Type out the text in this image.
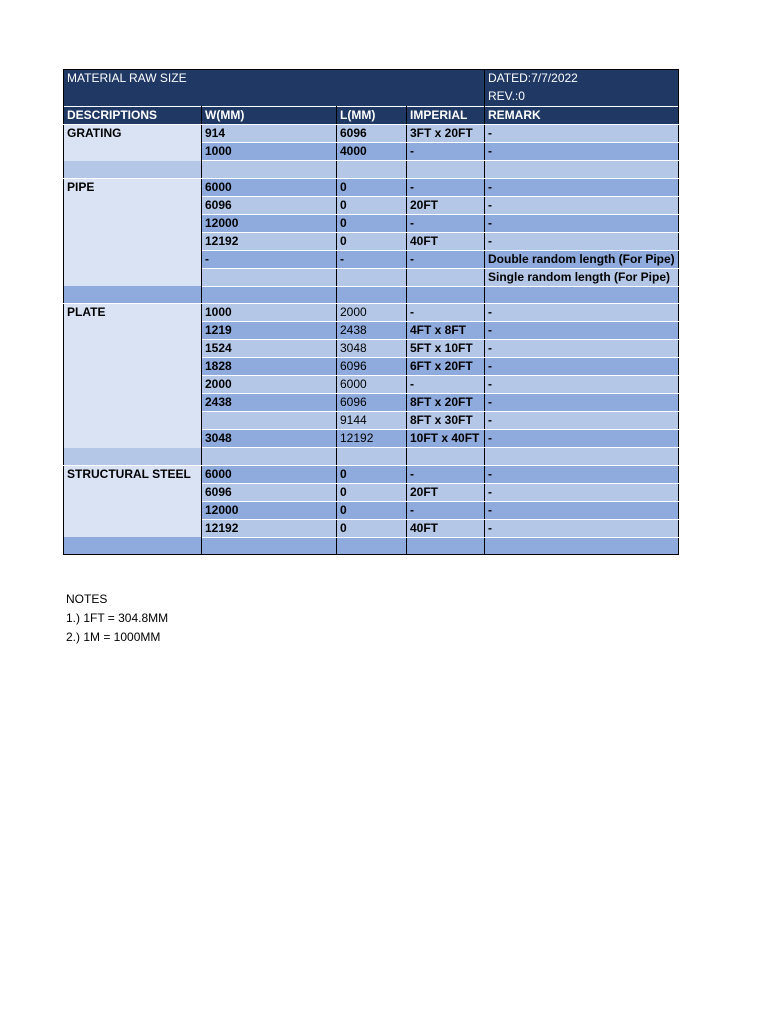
MATERIAL RAW SIZE				DATED:7/7/2022
				REV.:0
DESCRIPTIONS	W(MM)	L(MM)	IMPERIAL	REMARK
GRATING	914	6096	3FT x 20FT	-
	1000	4000	-	-

PIPE	6000	0	-	-
	6096	0	20FT	-
	12000	0	-	-
	12192	0	40FT	-
	-	-	-	Double random length (For Pipe)
				Single random length (For Pipe)

PLATE	1000	2000	-	-
	1219	2438	4FT x 8FT	-
	1524	3048	5FT x 10FT	-
	1828	6096	6FT x 20FT	-
	2000	6000	-	-
	2438	6096	8FT x 20FT	-
		9144	8FT x 30FT	-
	3048	12192	10FT x 40FT	-

STRUCTURAL STEEL	6000	0	-	-
	6096	0	20FT	-
	12000	0	-	-
	12192	0	40FT	-

NOTES
1.) 1FT = 304.8MM
2.) 1M = 1000MM
